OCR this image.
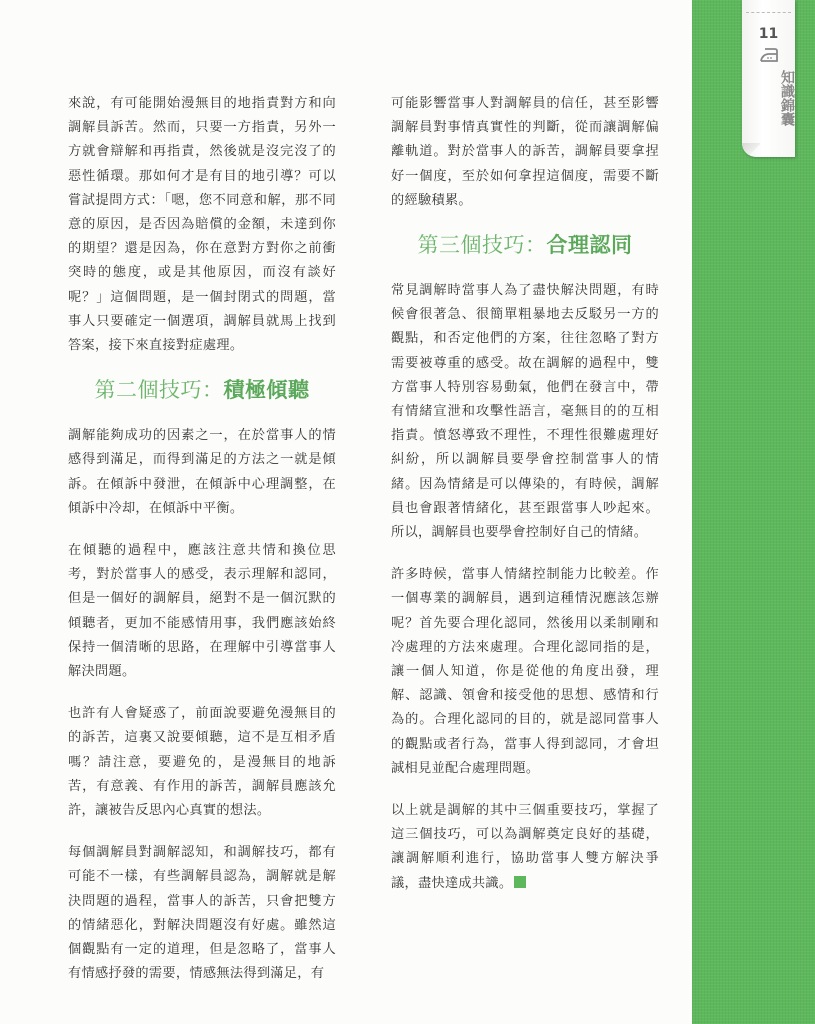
來說，有可能開始漫無目的地指責對方和向調解員訴苦。然而，只要一方指責，另外一方就會辯解和再指責，然後就是沒完沒了的惡性循環。那如何才是有目的地引導？可以嘗試提問方式：「嗯，您不同意和解，那不同意的原因，是否因為賠償的金額，未達到你的期望？還是因為，你在意對方對你之前衝突時的態度，或是其他原因，而沒有談好呢？」這個問題，是一個封閉式的問題，當事人只要確定一個選項，調解員就馬上找到答案，接下來直接對症處理。

第二個技巧：積極傾聽

調解能夠成功的因素之一，在於當事人的情感得到滿足，而得到滿足的方法之一就是傾訴。在傾訴中發泄，在傾訴中心理調整，在傾訴中冷却，在傾訴中平衡。

在傾聽的過程中，應該注意共情和換位思考，對於當事人的感受，表示理解和認同，但是一個好的調解員，絕對不是一個沉默的傾聽者，更加不能感情用事，我們應該始終保持一個清晰的思路，在理解中引導當事人解決問題。

也許有人會疑惑了，前面說要避免漫無目的的訴苦，這裏又說要傾聽，這不是互相矛盾嗎？請注意，要避免的，是漫無目的地訴苦，有意義、有作用的訴苦，調解員應該允許，讓被告反思內心真實的想法。

每個調解員對調解認知，和調解技巧，都有可能不一樣，有些調解員認為，調解就是解決問題的過程，當事人的訴苦，只會把雙方的情緒惡化，對解決問題沒有好處。雖然這個觀點有一定的道理，但是忽略了，當事人有情感抒發的需要，情感無法得到滿足，有

可能影響當事人對調解員的信任，甚至影響調解員對事情真實性的判斷，從而讓調解偏離軌道。對於當事人的訴苦，調解員要拿捏好一個度，至於如何拿捏這個度，需要不斷的經驗積累。

第三個技巧：合理認同

常見調解時當事人為了盡快解決問題，有時候會很著急、很簡單粗暴地去反駁另一方的觀點，和否定他們的方案，往往忽略了對方需要被尊重的感受。故在調解的過程中，雙方當事人特別容易動氣，他們在發言中，帶有情緒宣泄和攻擊性語言，毫無目的的互相指責。憤怒導致不理性，不理性很難處理好糾紛，所以調解員要學會控制當事人的情緒。因為情緒是可以傳染的，有時候，調解員也會跟著情緒化，甚至跟當事人吵起來。所以，調解員也要學會控制好自己的情緒。

許多時候，當事人情緒控制能力比較差。作一個專業的調解員，遇到這種情況應該怎辦呢？首先要合理化認同，然後用以柔制剛和冷處理的方法來處理。合理化認同指的是，讓一個人知道，你是從他的角度出發，理解、認識、領會和接受他的思想、感情和行為的。合理化認同的目的，就是認同當事人的觀點或者行為，當事人得到認同，才會坦誠相見並配合處理問題。

以上就是調解的其中三個重要技巧，掌握了這三個技巧，可以為調解奠定良好的基礎，讓調解順利進行，協助當事人雙方解決爭議，盡快達成共識。

11
知識錦囊
